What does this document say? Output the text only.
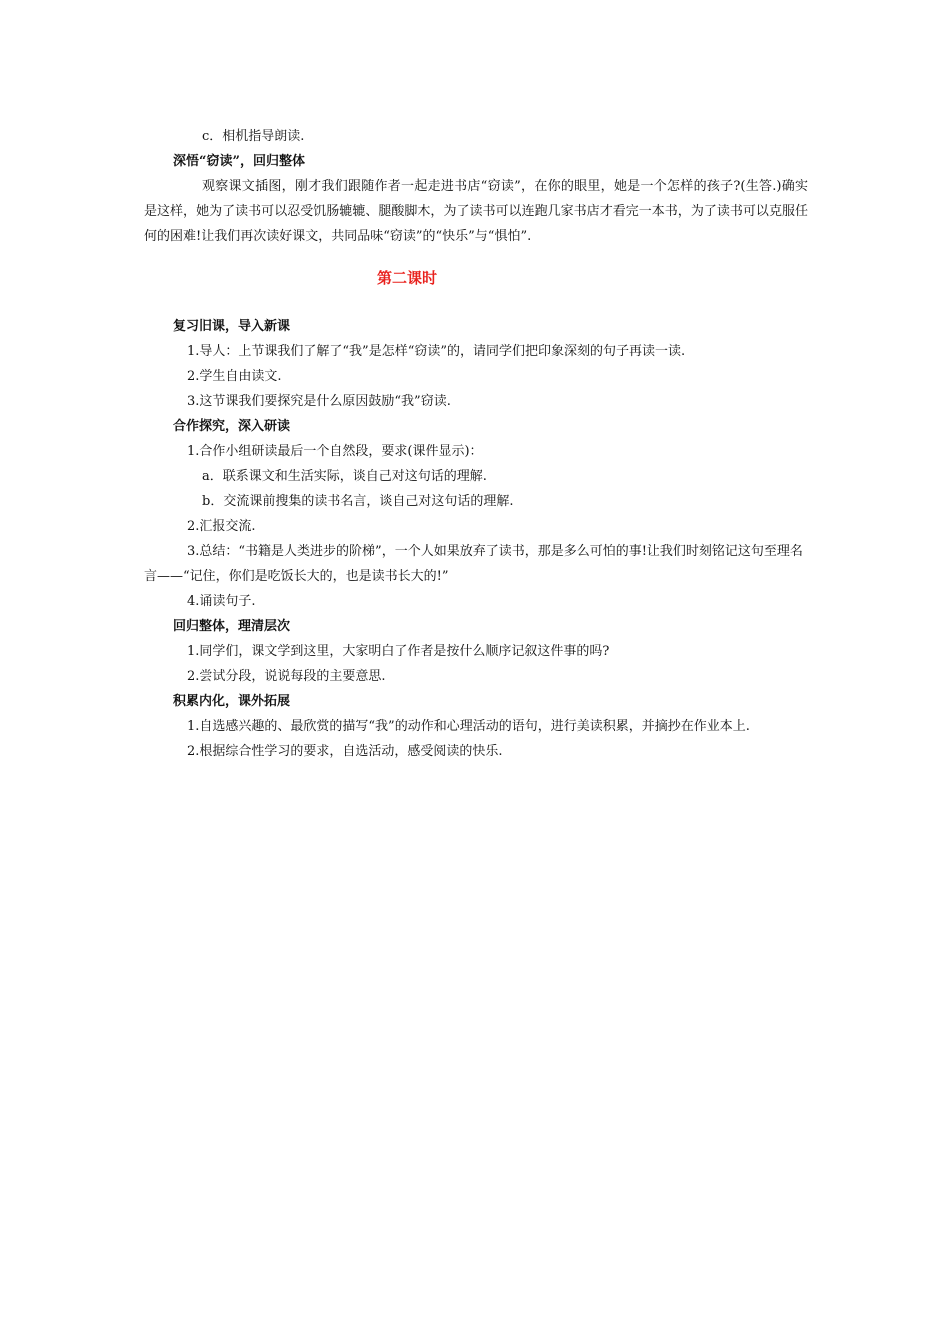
c．相机指导朗读.
深悟“窃读”，回归整体

观察课文插图，刚才我们跟随作者一起走进书店“窃读”，在你的眼里，她是一个怎样的孩子?(生答.)确实是这样，她为了读书可以忍受饥肠辘辘、腿酸脚木，为了读书可以连跑几家书店才看完一本书，为了读书可以克服任何的困难!让我们再次读好课文，共同品味“窃读”的“快乐”与“惧怕”.

第二课时
复习旧课，导入新课
1.导人：上节课我们了解了“我”是怎样“窃读”的，请同学们把印象深刻的句子再读一读.
2.学生自由读文.
3.这节课我们要探究是什么原因鼓励“我”窃读.
合作探究，深入研读
1.合作小组研读最后一个自然段，要求(课件显示)：
a．联系课文和生活实际，谈自己对这句话的理解.
b．交流课前搜集的读书名言，谈自己对这句话的理解.
2.汇报交流.

3.总结：“书籍是人类进步的阶梯”，一个人如果放弃了读书，那是多么可怕的事!让我们时刻铭记这句至理名言——“记住，你们是吃饭长大的，也是读书长大的!”

4.诵读句子.
回归整体，理清层次
1.同学们，课文学到这里，大家明白了作者是按什么顺序记叙这件事的吗?
2.尝试分段，说说每段的主要意思.
积累内化，课外拓展
1.自选感兴趣的、最欣赏的描写“我”的动作和心理活动的语句，进行美读积累，并摘抄在作业本上.
2.根据综合性学习的要求，自选活动，感受阅读的快乐.
